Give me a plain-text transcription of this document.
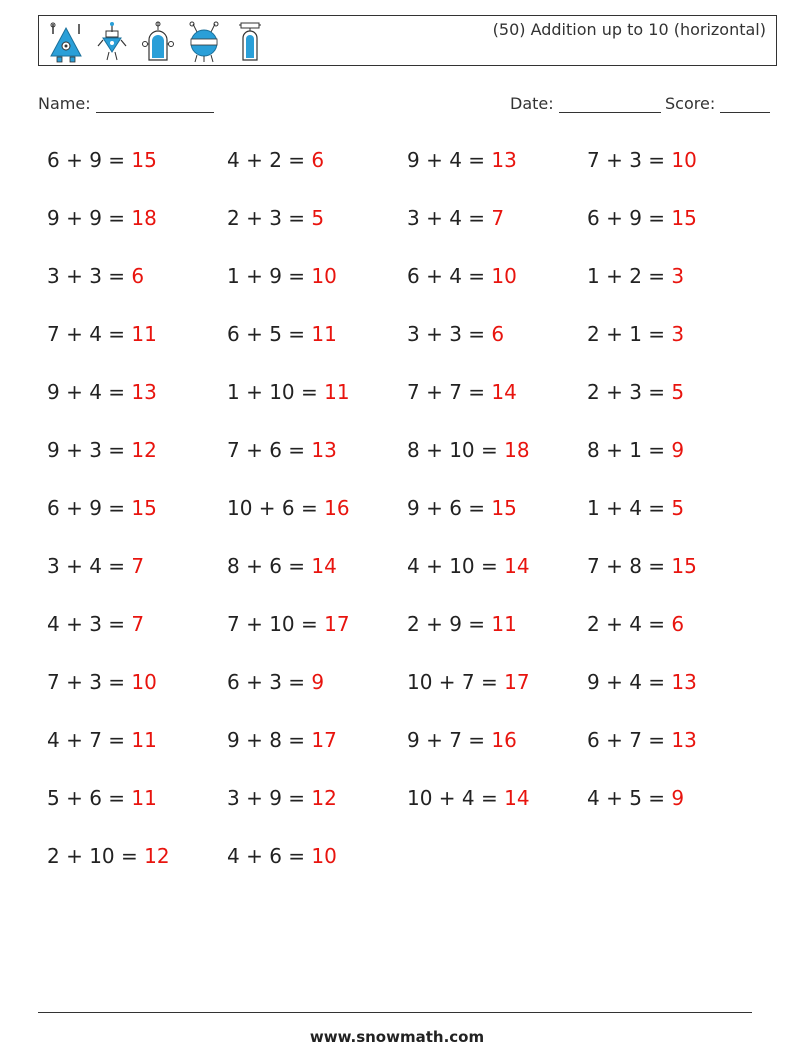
(50) Addition up to 10 (horizontal)
Name:	Date:	Score:
6 + 9 = 15	4 + 2 = 6	9 + 4 = 13	7 + 3 = 10
9 + 9 = 18	2 + 3 = 5	3 + 4 = 7	6 + 9 = 15
3 + 3 = 6	1 + 9 = 10	6 + 4 = 10	1 + 2 = 3
7 + 4 = 11	6 + 5 = 11	3 + 3 = 6	2 + 1 = 3
9 + 4 = 13	1 + 10 = 11	7 + 7 = 14	2 + 3 = 5
9 + 3 = 12	7 + 6 = 13	8 + 10 = 18	8 + 1 = 9
6 + 9 = 15	10 + 6 = 16	9 + 6 = 15	1 + 4 = 5
3 + 4 = 7	8 + 6 = 14	4 + 10 = 14	7 + 8 = 15
4 + 3 = 7	7 + 10 = 17	2 + 9 = 11	2 + 4 = 6
7 + 3 = 10	6 + 3 = 9	10 + 7 = 17	9 + 4 = 13
4 + 7 = 11	9 + 8 = 17	9 + 7 = 16	6 + 7 = 13
5 + 6 = 11	3 + 9 = 12	10 + 4 = 14	4 + 5 = 9
2 + 10 = 12	4 + 6 = 10
www.snowmath.com
